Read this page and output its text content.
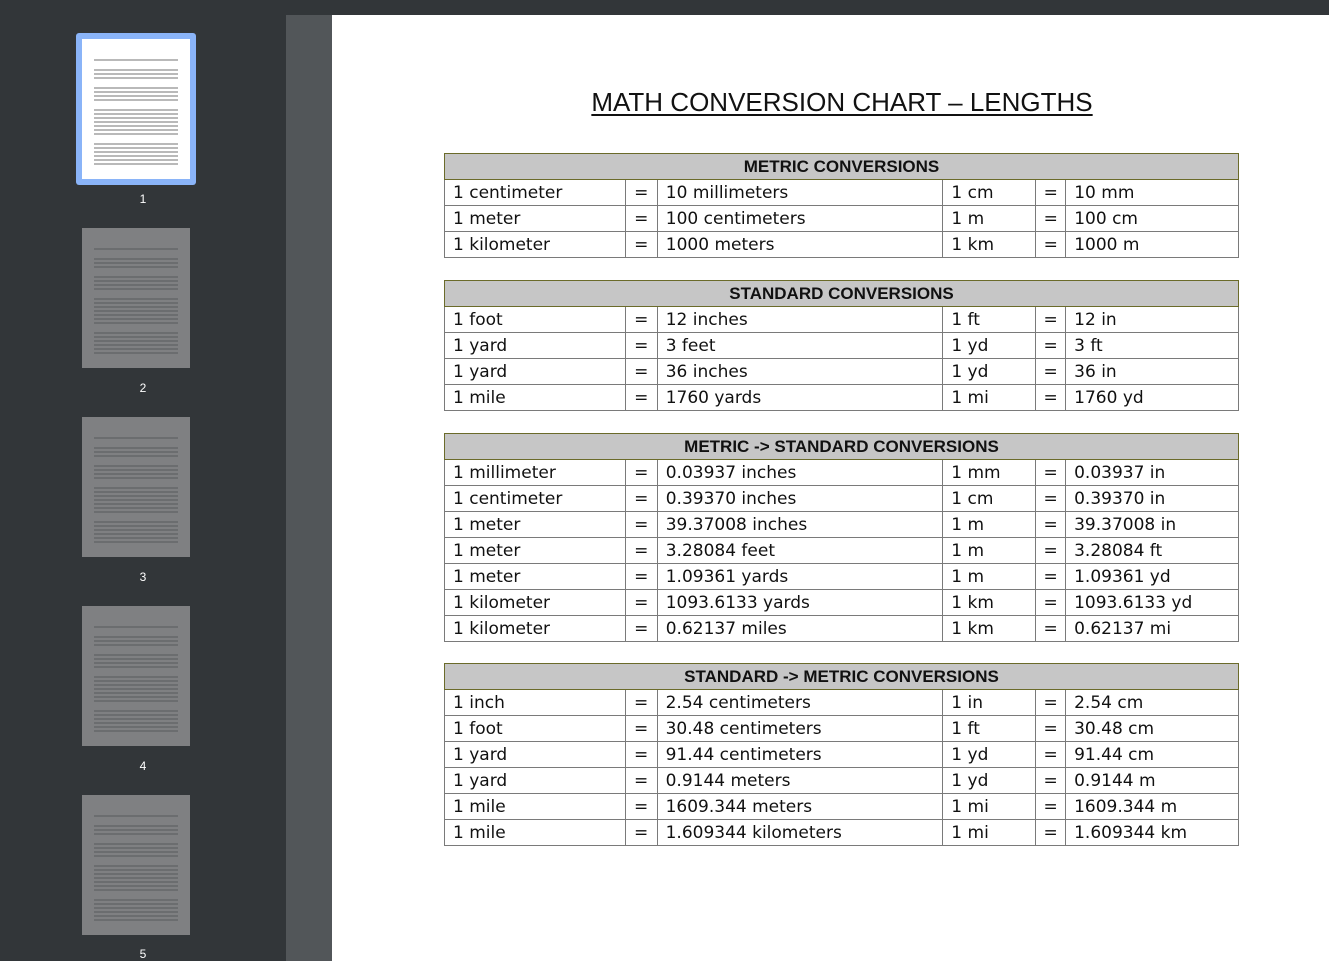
1
2
3
4
5
MATH CONVERSION CHART – LENGTHS
METRIC CONVERSIONS					
1 centimeter	=	10 millimeters	1 cm	=	10 mm
1 meter	=	100 centimeters	1 m	=	100 cm
1 kilometer	=	1000 meters	1 km	=	1000 m
STANDARD CONVERSIONS					
1 foot	=	12 inches	1 ft	=	12 in
1 yard	=	3 feet	1 yd	=	3 ft
1 yard	=	36 inches	1 yd	=	36 in
1 mile	=	1760 yards	1 mi	=	1760 yd
METRIC -> STANDARD CONVERSIONS					
1 millimeter	=	0.03937 inches	1 mm	=	0.03937 in
1 centimeter	=	0.39370 inches	1 cm	=	0.39370 in
1 meter	=	39.37008 inches	1 m	=	39.37008 in
1 meter	=	3.28084 feet	1 m	=	3.28084 ft
1 meter	=	1.09361 yards	1 m	=	1.09361 yd
1 kilometer	=	1093.6133 yards	1 km	=	1093.6133 yd
1 kilometer	=	0.62137 miles	1 km	=	0.62137 mi
STANDARD -> METRIC CONVERSIONS					
1 inch	=	2.54 centimeters	1 in	=	2.54 cm
1 foot	=	30.48 centimeters	1 ft	=	30.48 cm
1 yard	=	91.44 centimeters	1 yd	=	91.44 cm
1 yard	=	0.9144 meters	1 yd	=	0.9144 m
1 mile	=	1609.344 meters	1 mi	=	1609.344 m
1 mile	=	1.609344 kilometers	1 mi	=	1.609344 km
